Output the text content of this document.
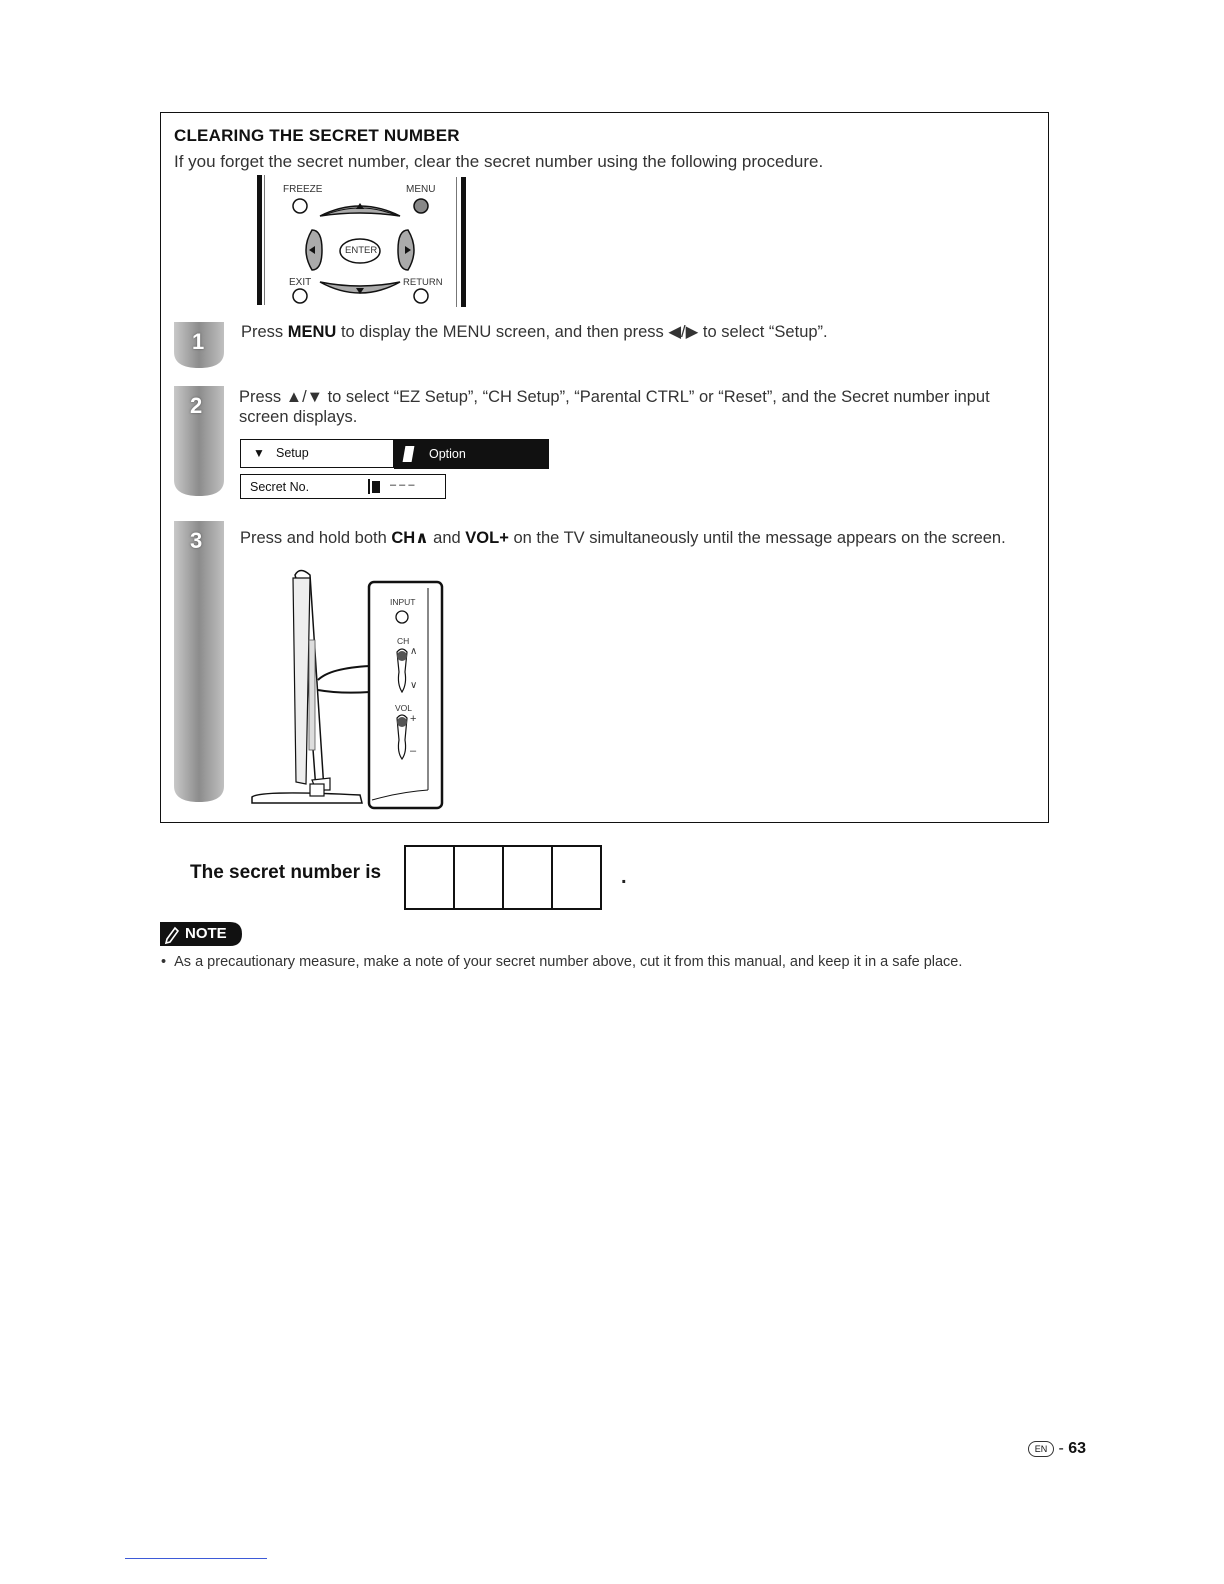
CLEARING THE SECRET NUMBER
If you forget the secret number, clear the secret number using the following procedure.
FREEZE	MENU
ENTER
EXIT	RETURN
1
2
3
Press MENU to display the MENU screen, and then press ◀/▶ to select “Setup”.
Press ▲/▼ to select “EZ Setup”, “CH Setup”, “Parental CTRL” or “Reset”, and the Secret number input screen displays.
▼ Setup	Option
Secret No.	– – –
Press and hold both CH∧ and VOL+ on the TV simultaneously until the message appears on the screen.
INPUT
CH
∧
∨
VOL
+
–
The secret number is	.
NOTE
•  As a precautionary measure, make a note of your secret number above, cut it from this manual, and keep it in a safe place.
EN - 63
